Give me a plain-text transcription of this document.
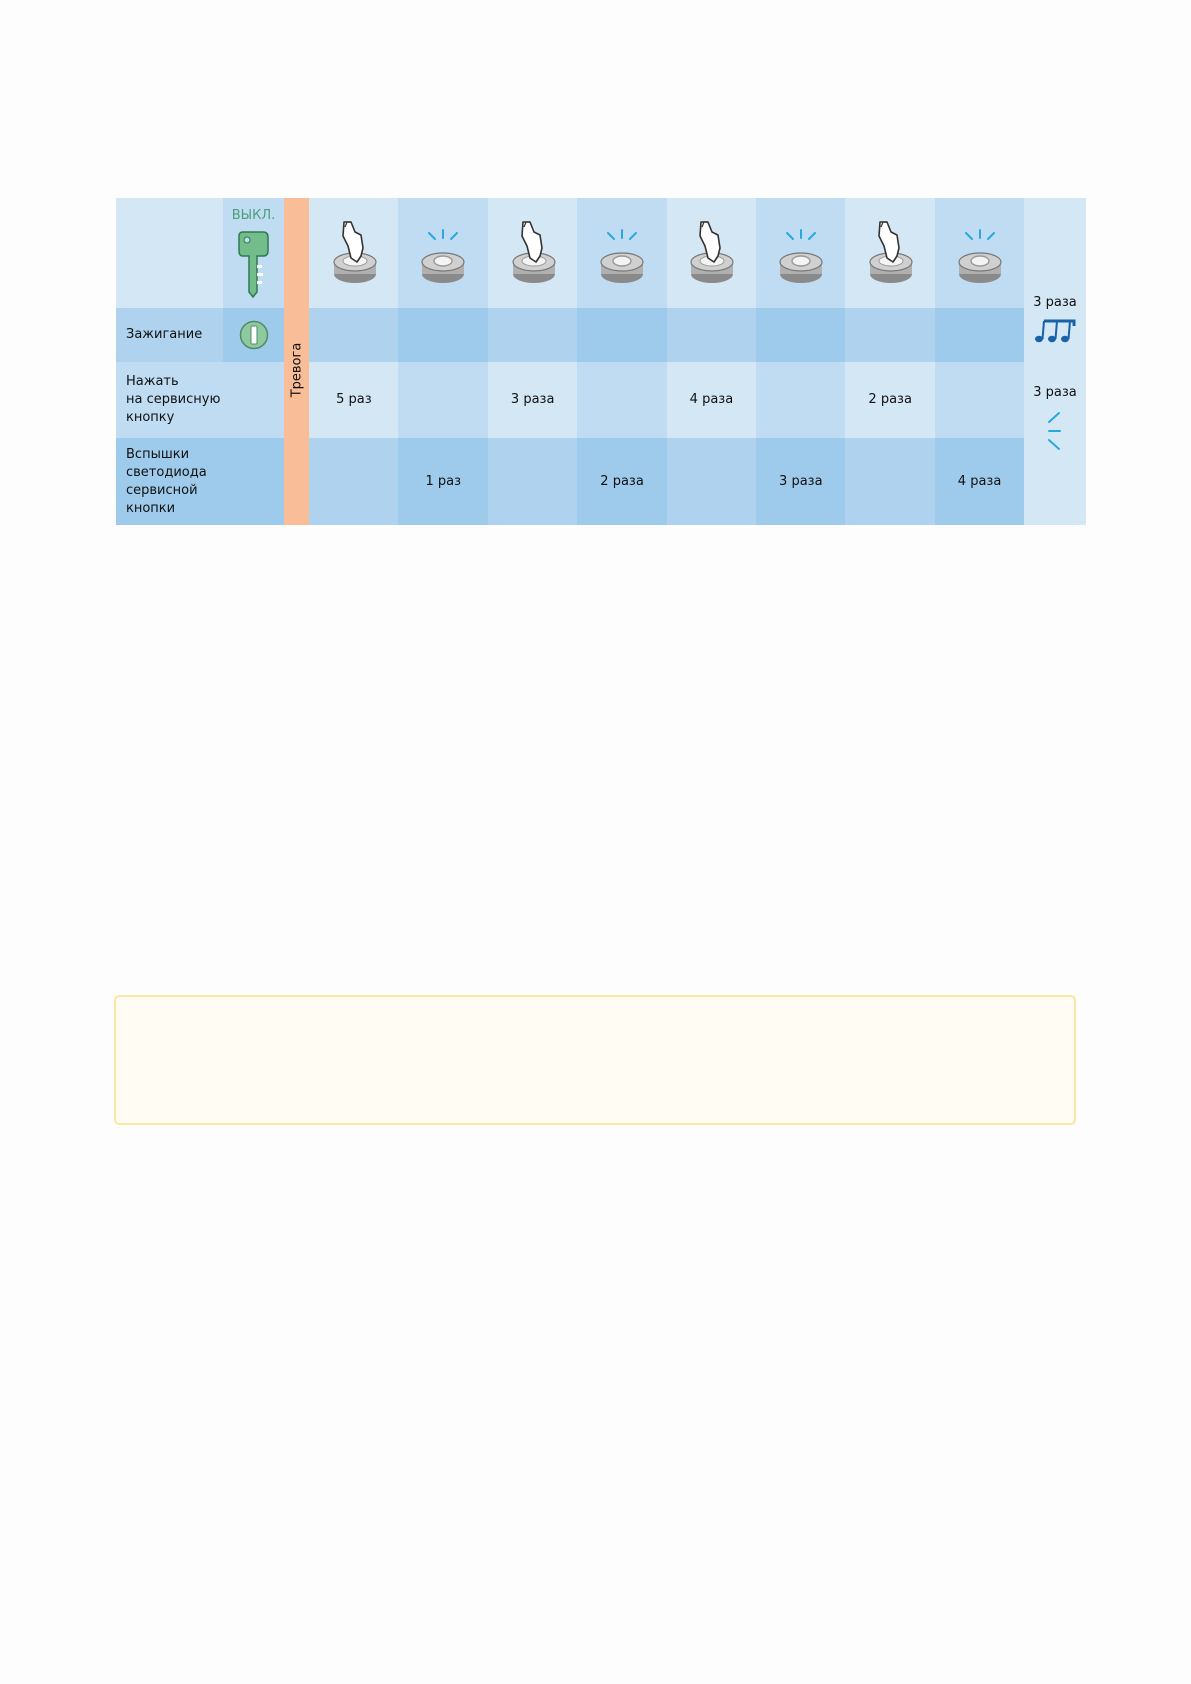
Зажигание
Нажать
на сервисную
кнопку
Вспышки
светодиода
сервисной
кнопки
ВЫКЛ.
Тревога
5 раз
1 раз
3 раза
2 раза
4 раза
3 раза
2 раза
4 раза
3 раза
3 раза
